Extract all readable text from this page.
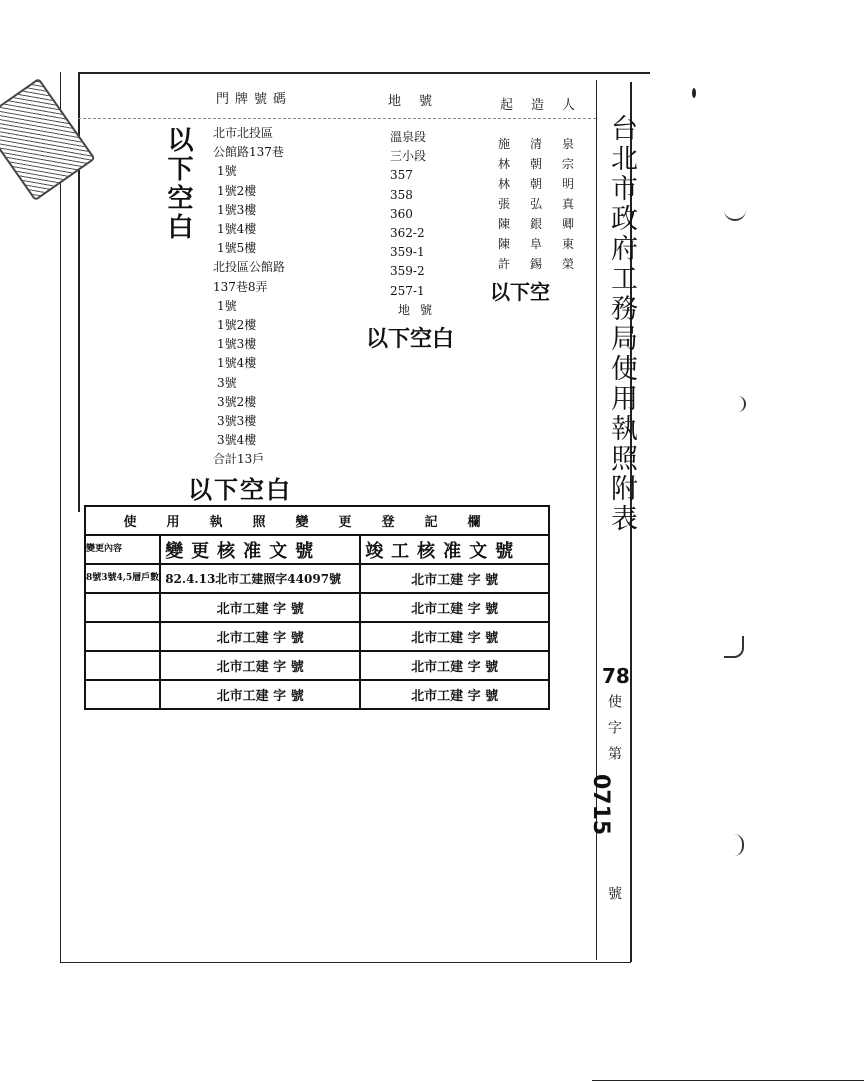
門牌號碼	地號	起造人
以下空白 北市北投區
公館路137巷
1號
1號2樓
1號3樓
1號4樓
1號5樓
北投區公館路
137巷8弄
1號
1號2樓
1號3樓
1號4樓
3號
3號2樓
3號3樓
3號4樓
合計13戶
以下空白
溫泉段
三小段
357
358
360
362-2
359-1
359-2
257-1
地號
以下空白
施清泉
林朝宗
林朝明
張弘真
陳銀卿
陳阜東
許錫榮
以下空 台北市政府工務局使用執照附表
78
使字第
0715
號
使用執照變更登記欄		
變更內容	變更核准文號	竣工核准文號
8號3號4,5層戶數	82.4.13北市工建照字44097號	北市工建 字 號
	北市工建 字 號	北市工建 字 號
	北市工建 字 號	北市工建 字 號
	北市工建 字 號	北市工建 字 號
	北市工建 字 號	北市工建 字 號
